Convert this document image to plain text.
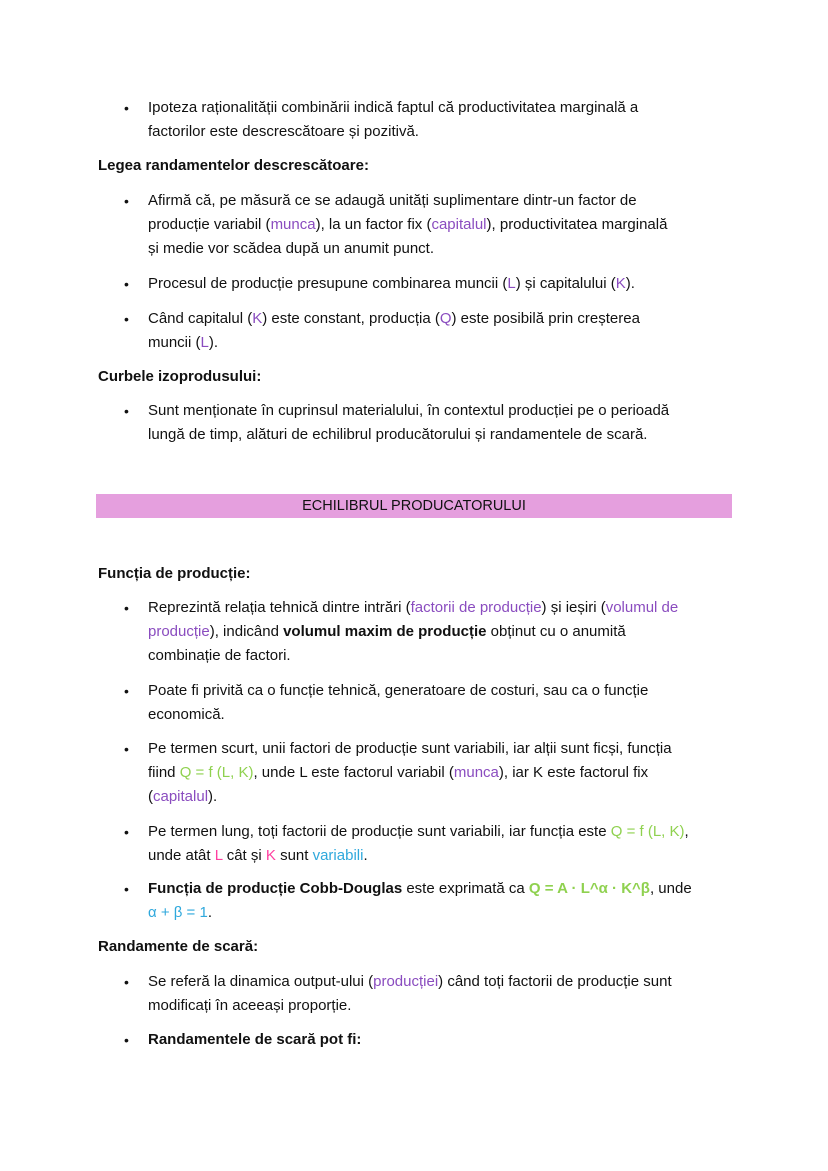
ECHILIBRUL PRODUCATORULUI
• Ipoteza raționalității combinării indică faptul că productivitatea marginală a
factorilor este descrescătoare și pozitivă.
Legea randamentelor descrescătoare:
• Afirmă că, pe măsură ce se adaugă unități suplimentare dintr-un factor de
producție variabil (munca), la un factor fix (capitalul), productivitatea marginală
și medie vor scădea după un anumit punct.
• Procesul de producție presupune combinarea muncii (L) și capitalului (K).
• Când capitalul (K) este constant, producția (Q) este posibilă prin creșterea
muncii (L).
Curbele izoprodusului:
• Sunt menționate în cuprinsul materialului, în contextul producției pe o perioadă
lungă de timp, alături de echilibrul producătorului și randamentele de scară.
Funcția de producție:
• Reprezintă relația tehnică dintre intrări (factorii de producție) și ieșiri (volumul de
producție), indicând volumul maxim de producție obținut cu o anumită
combinație de factori.
• Poate fi privită ca o funcție tehnică, generatoare de costuri, sau ca o funcție
economică.
• Pe termen scurt, unii factori de producție sunt variabili, iar alții sunt ficși, funcția
fiind Q = f (L, K), unde L este factorul variabil (munca), iar K este factorul fix
(capitalul).
• Pe termen lung, toți factorii de producție sunt variabili, iar funcția este Q = f (L, K),
unde atât L cât și K sunt variabili.
• Funcția de producție Cobb-Douglas este exprimată ca Q = A · L^α · K^β, unde
α + β = 1.
Randamente de scară:
• Se referă la dinamica output-ului (producției) când toți factorii de producție sunt
modificați în aceeași proporție.
• Randamentele de scară pot fi:
